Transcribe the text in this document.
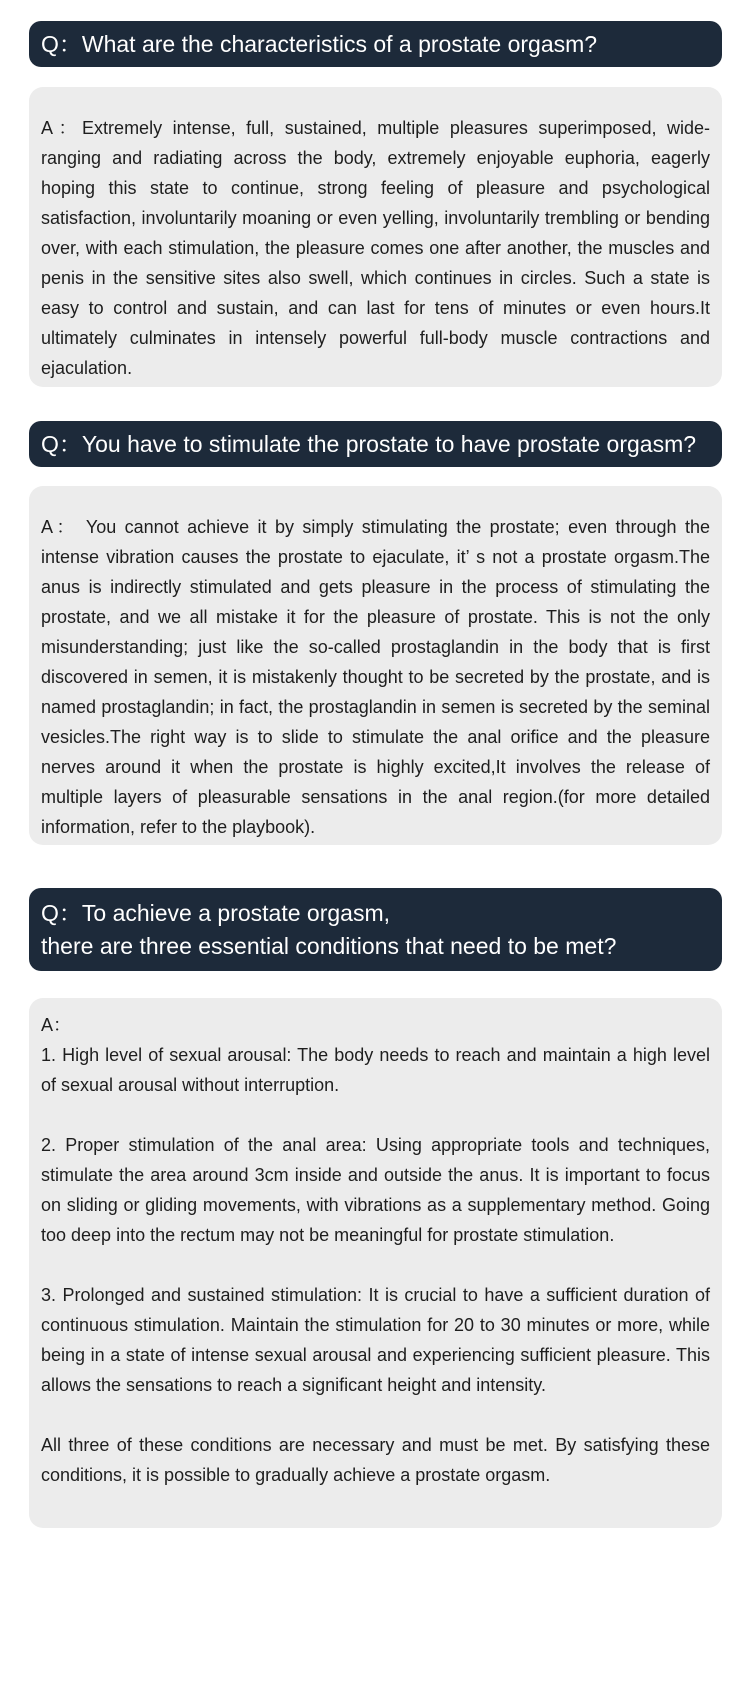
Q：What are the characteristics of a prostate orgasm?

A：Extremely intense, full, sustained, multiple pleasures superimposed, wide-ranging and radiating across the body, extremely enjoyable euphoria, eagerly hoping this state to continue, strong feeling of pleasure and psychological satisfaction, involuntarily moaning or even yelling, involuntarily trembling or bending over, with each stimulation, the pleasure comes one after another, the muscles and penis in the sensitive sites also swell, which continues in circles. Such a state is easy to control and sustain, and can last for tens of minutes or even hours.It ultimately culminates in intensely powerful full-body muscle contractions and ejaculation.

Q：You have to stimulate the prostate to have prostate orgasm?

A： You cannot achieve it by simply stimulating the prostate; even through the intense vibration causes the prostate to ejaculate, it’ s not a prostate orgasm.The anus is indirectly stimulated and gets pleasure in the process of stimulating the prostate, and we all mistake it for the pleasure of prostate. This is not the only misunderstanding; just like the so-called prostaglandin in the body that is first discovered in semen, it is mistakenly thought to be secreted by the prostate, and is named prostaglandin; in fact, the prostaglandin in semen is secreted by the seminal vesicles.The right way is to slide to stimulate the anal orifice and the pleasure nerves around it when the prostate is highly excited,It involves the release of multiple layers of pleasurable sensations in the anal region.(for more detailed information, refer to the playbook).

Q：To achieve a prostate orgasm,
there are three essential conditions that need to be met?

A：

1. High level of sexual arousal: The body needs to reach and maintain a high level of sexual arousal without interruption.

2. Proper stimulation of the anal area: Using appropriate tools and techniques, stimulate the area around 3cm inside and outside the anus. It is important to focus on sliding or gliding movements, with vibrations as a supplementary method. Going too deep into the rectum may not be meaningful for prostate stimulation.

3. Prolonged and sustained stimulation: It is crucial to have a sufficient duration of continuous stimulation. Maintain the stimulation for 20 to 30 minutes or more, while being in a state of intense sexual arousal and experiencing sufficient pleasure. This allows the sensations to reach a significant height and intensity.

All three of these conditions are necessary and must be met. By satisfying these conditions, it is possible to gradually achieve a prostate orgasm.
